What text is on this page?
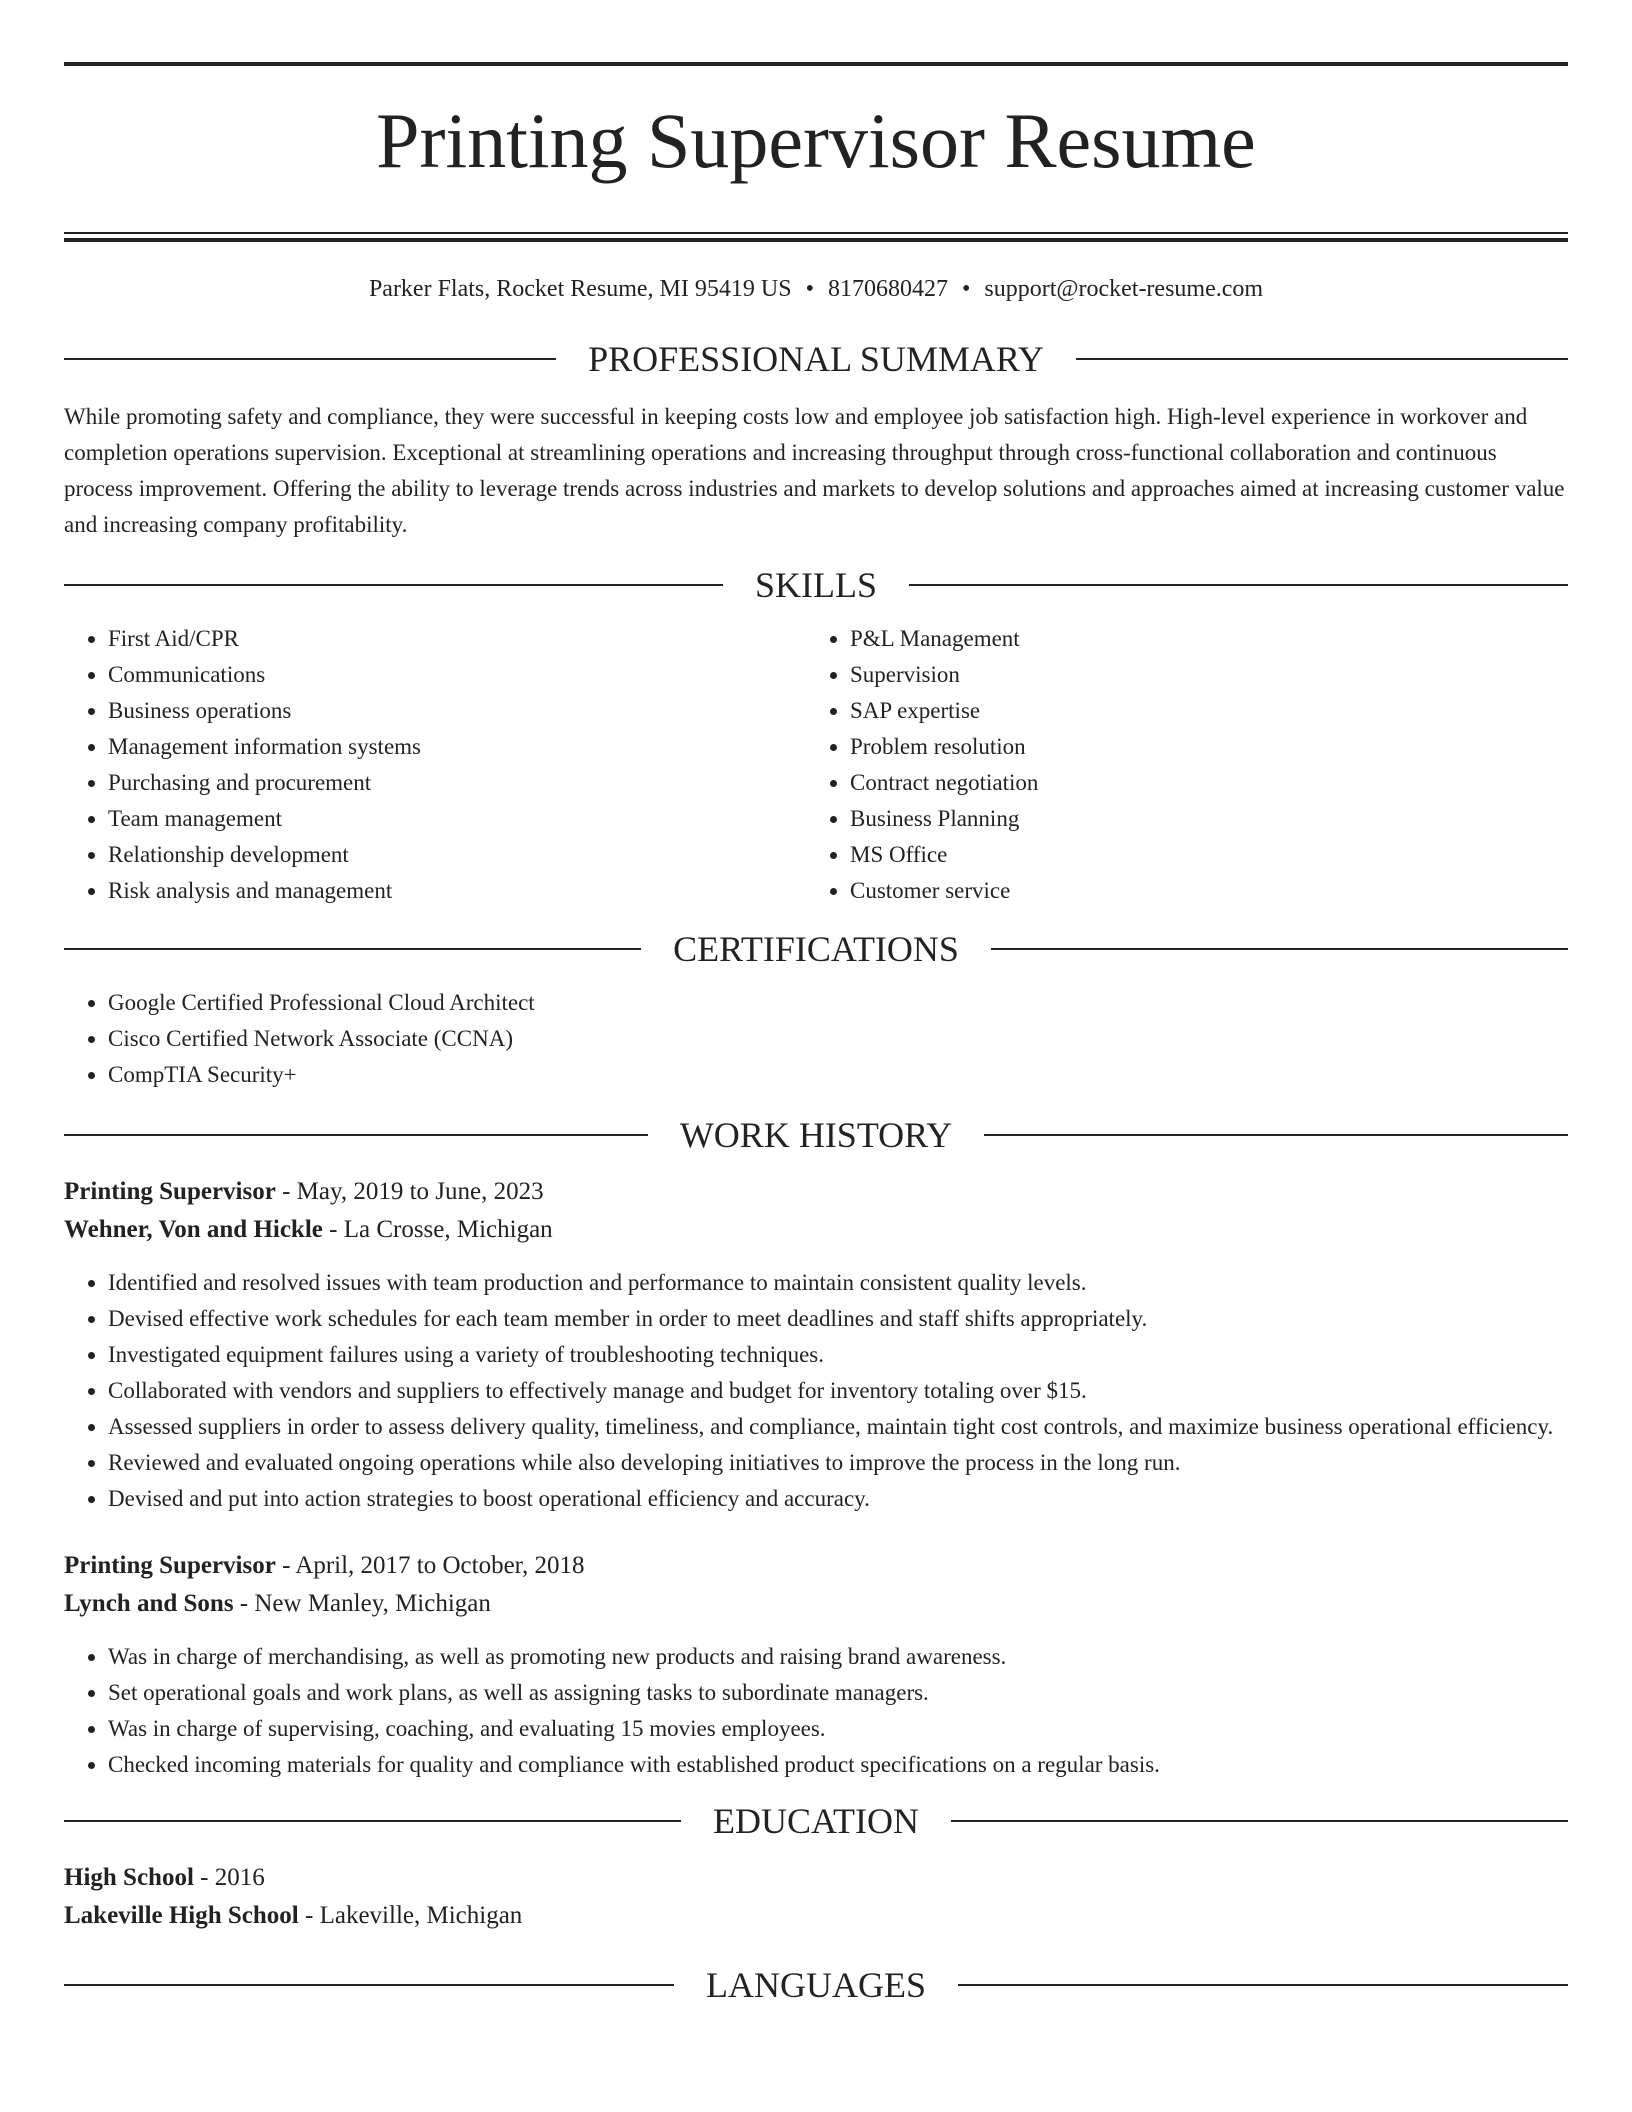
Printing Supervisor Resume
Parker Flats, Rocket Resume, MI 95419 US • 8170680427 • support@rocket-resume.com
PROFESSIONAL SUMMARY

While promoting safety and compliance, they were successful in keeping costs low and employee job satisfaction high. High-level experience in workover and completion operations supervision. Exceptional at streamlining operations and increasing throughput through cross-functional collaboration and continuous process improvement. Offering the ability to leverage trends across industries and markets to develop solutions and approaches aimed at increasing customer value and increasing company profitability.

SKILLS
• First Aid/CPR
• Communications
• Business operations
• Management information systems
• Purchasing and procurement
• Team management
• Relationship development
• Risk analysis and management
• P&L Management
• Supervision
• SAP expertise
• Problem resolution
• Contract negotiation
• Business Planning
• MS Office
• Customer service
CERTIFICATIONS
• Google Certified Professional Cloud Architect
• Cisco Certified Network Associate (CCNA)
• CompTIA Security+
WORK HISTORY
Printing Supervisor - May, 2019 to June, 2023
Wehner, Von and Hickle - La Crosse, Michigan
• Identified and resolved issues with team production and performance to maintain consistent quality levels.
• Devised effective work schedules for each team member in order to meet deadlines and staff shifts appropriately.
• Investigated equipment failures using a variety of troubleshooting techniques.
• Collaborated with vendors and suppliers to effectively manage and budget for inventory totaling over $15.
• Assessed suppliers in order to assess delivery quality, timeliness, and compliance, maintain tight cost controls, and maximize business operational efficiency.
• Reviewed and evaluated ongoing operations while also developing initiatives to improve the process in the long run.
• Devised and put into action strategies to boost operational efficiency and accuracy.
Printing Supervisor - April, 2017 to October, 2018
Lynch and Sons - New Manley, Michigan
• Was in charge of merchandising, as well as promoting new products and raising brand awareness.
• Set operational goals and work plans, as well as assigning tasks to subordinate managers.
• Was in charge of supervising, coaching, and evaluating 15 movies employees.
• Checked incoming materials for quality and compliance with established product specifications on a regular basis.
EDUCATION
High School - 2016
Lakeville High School - Lakeville, Michigan
LANGUAGES
